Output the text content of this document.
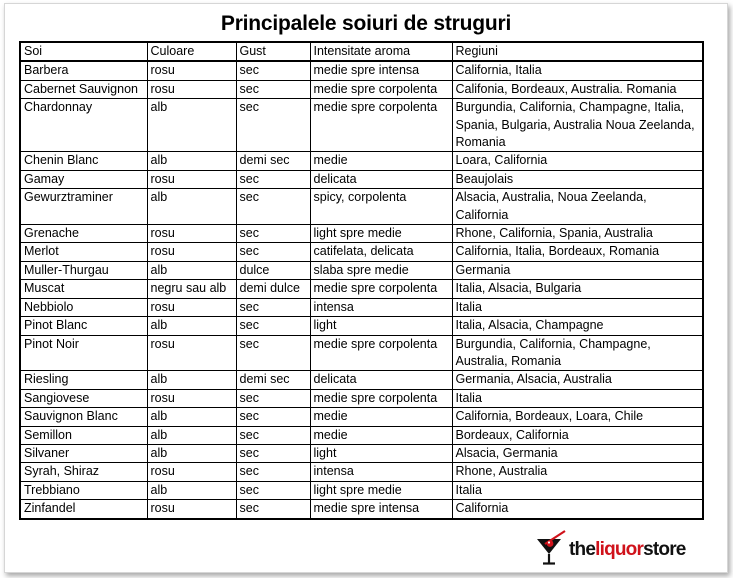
Principalele soiuri de struguri
Soi	Culoare	Gust	Intensitate aroma	Regiuni
Barbera	rosu	sec	medie spre intensa	California, Italia
Cabernet Sauvignon	rosu	sec	medie spre corpolenta	Califonia, Bordeaux, Australia. Romania
Chardonnay	alb	sec	medie spre corpolenta	Burgundia, California, Champagne, Italia, Spania, Bulgaria, Australia Noua Zeelanda, Romania
Chenin Blanc	alb	demi sec	medie	Loara, California
Gamay	rosu	sec	delicata	Beaujolais
Gewurztraminer	alb	sec	spicy, corpolenta	Alsacia, Australia, Noua Zeelanda, California
Grenache	rosu	sec	light spre medie	Rhone, California, Spania, Australia
Merlot	rosu	sec	catifelata, delicata	California, Italia, Bordeaux, Romania
Muller-Thurgau	alb	dulce	slaba spre medie	Germania
Muscat	negru sau alb	demi dulce	medie spre corpolenta	Italia, Alsacia, Bulgaria
Nebbiolo	rosu	sec	intensa	Italia
Pinot Blanc	alb	sec	light	Italia, Alsacia, Champagne
Pinot Noir	rosu	sec	medie spre corpolenta	Burgundia, California, Champagne, Australia, Romania
Riesling	alb	demi sec	delicata	Germania, Alsacia, Australia
Sangiovese	rosu	sec	medie spre corpolenta	Italia
Sauvignon Blanc	alb	sec	medie	California, Bordeaux, Loara, Chile
Semillon	alb	sec	medie	Bordeaux, California
Silvaner	alb	sec	light	Alsacia, Germania
Syrah, Shiraz	rosu	sec	intensa	Rhone, Australia
Trebbiano	alb	sec	light spre medie	Italia
Zinfandel	rosu	sec	medie spre intensa	California
theliquorstore
